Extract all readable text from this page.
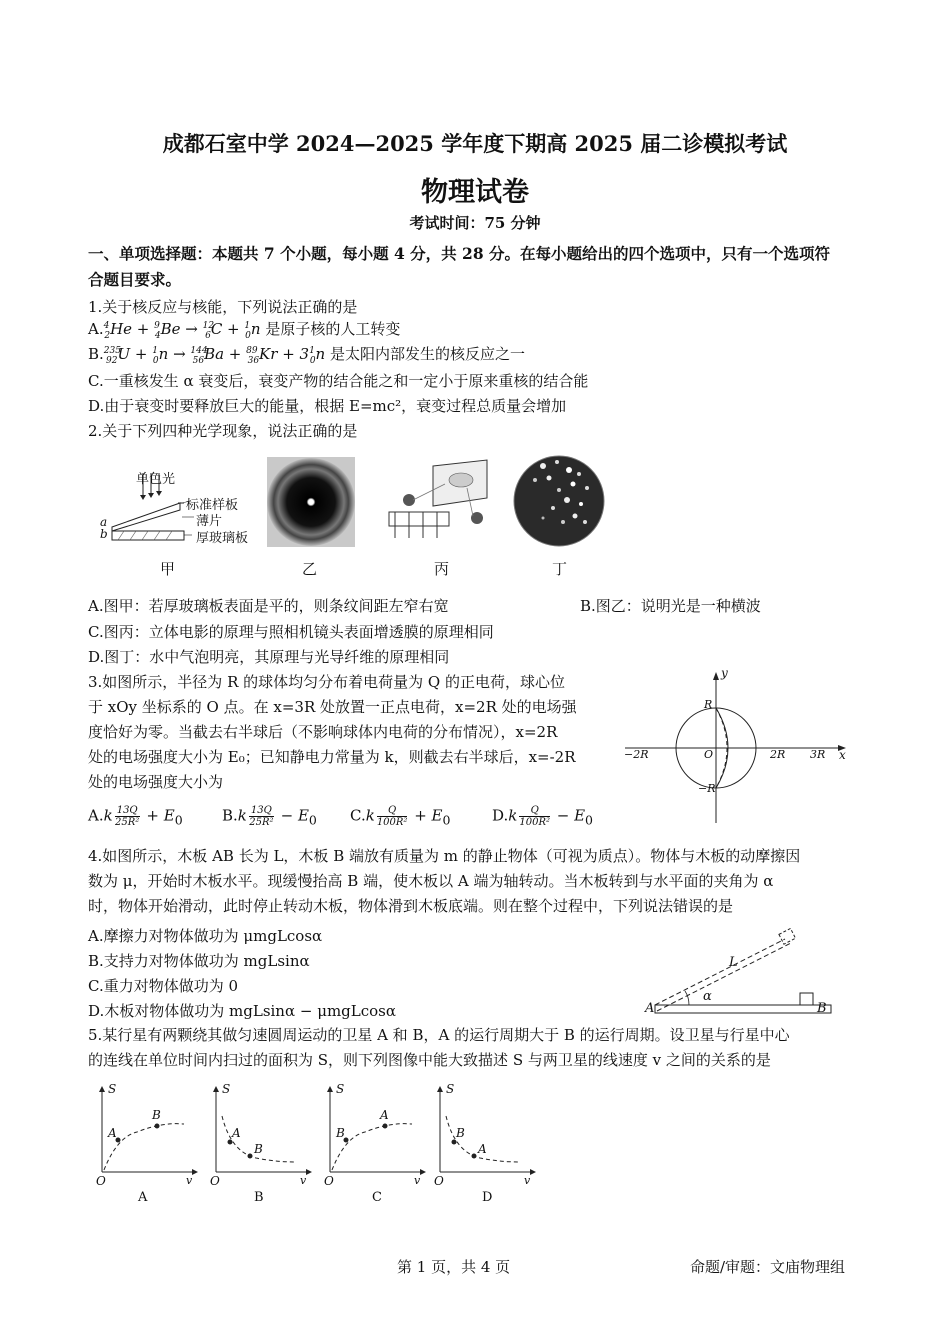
成都石室中学 2024—2025 学年度下期高 2025 届二诊模拟考试
物理试卷
考试时间：75 分钟
一、单项选择题：本题共 7 个小题，每小题 4 分，共 28 分。在每小题给出的四个选项中，只有一个选项符
合题目要求。
1.关于核反应与核能，下列说法正确的是
A.$^4_2$He + $^9_4$Be → $^{12}_6$C + $^1_0$n 是原子核的人工转变
$B.^{235}_{92}U + ^1_0n \to ^{144}_{56}Ba + ^{89}_{36}Kr + 3^1_0n$ 是太阳内部发生的核反应之一
C.一重核发生 α 衰变后，衰变产物的结合能之和一定小于原来重核的结合能
D.由于衰变时要释放巨大的能量，根据 E=mc²，衰变过程总质量会增加
2.关于下列四种光学现象，说法正确的是
单色光
标准样板
薄片
厚玻璃板
a
b
甲	乙	丙	丁
A.图甲：若厚玻璃板表面是平的，则条纹间距左窄右宽	B.图乙：说明光是一种横波
C.图丙：立体电影的原理与照相机镜头表面增透膜的原理相同
D.图丁：水中气泡明亮，其原理与光导纤维的原理相同
3.如图所示，半径为 R 的球体均匀分布着电荷量为 Q 的正电荷，球心位
于 xOy 坐标系的 O 点。在 x=3R 处放置一正点电荷，x=2R 处的电场强
度恰好为零。当截去右半球后（不影响球体内电荷的分布情况），x=2R
处的电场强度大小为 E₀；已知静电力常量为 k，则截去右半球后，x=-2R
处的电场强度大小为
y
x
R
−R
−2R	O	2R 3R
$A.k \frac{13Q}{\text{25R²}} + E_0$	$B.k \frac{13Q}{\text{25R²}} - E_0$ $C.k \frac{Q}{\text{100R²}} + E_0$	$D.k \frac{Q}{\text{100R²}} - E_0$
4.如图所示，木板 AB 长为 L，木板 B 端放有质量为 m 的静止物体（可视为质点）。物体与木板的动摩擦因
数为 μ，开始时木板水平。现缓慢抬高 B 端，使木板以 A 端为轴转动。当木板转到与水平面的夹角为 α
时，物体开始滑动，此时停止转动木板，物体滑到木板底端。则在整个过程中，下列说法错误的是
A.摩擦力对物体做功为 μmgLcosα
B.支持力对物体做功为 mgLsinα
C.重力对物体做功为 0
D.木板对物体做功为 mgLsinα − μmgLcosα
L
α
A	B
5.某行星有两颗绕其做匀速圆周运动的卫星 A 和 B，A 的运行周期大于 B 的运行周期。设卫星与行星中心
的连线在单位时间内扫过的面积为 S，则下列图像中能大致描述 S 与两卫星的线速度 v 之间的关系的是
S
v
O
A
B
S
v
O
A
B
S
v
O
B
A
S
v
O
B
A
A	B	C	D
第 1 页，共 4 页	命题/审题：文庙物理组
